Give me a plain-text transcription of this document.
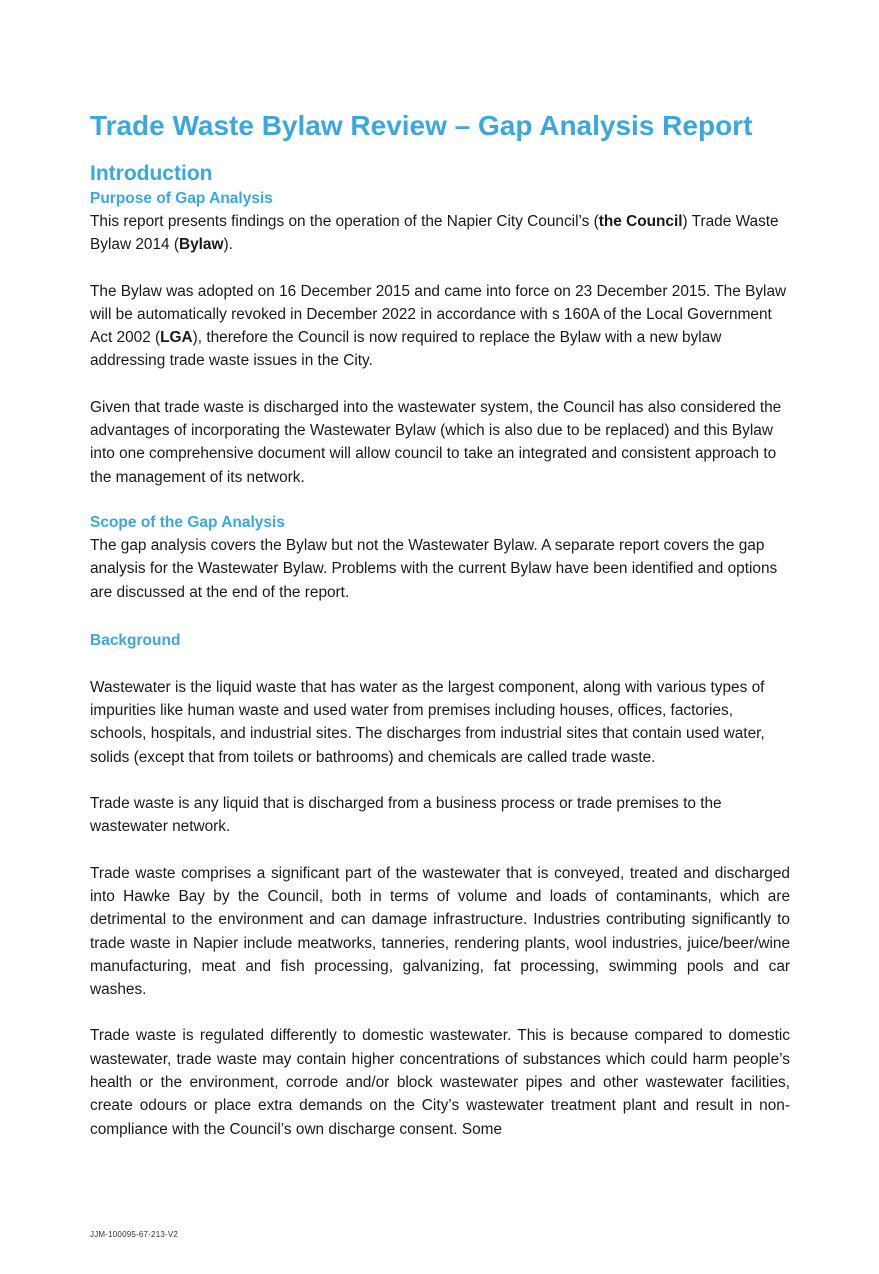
Trade Waste Bylaw Review – Gap Analysis Report
Introduction
Purpose of Gap Analysis

This report presents findings on the operation of the Napier City Council’s (the Council) Trade Waste Bylaw 2014 (Bylaw).

The Bylaw was adopted on 16 December 2015 and came into force on 23 December 2015. The Bylaw will be automatically revoked in December 2022 in accordance with s 160A of the Local Government Act 2002 (LGA), therefore the Council is now required to replace the Bylaw with a new bylaw addressing trade waste issues in the City.

Given that trade waste is discharged into the wastewater system, the Council has also considered the advantages of incorporating the Wastewater Bylaw (which is also due to be replaced) and this Bylaw into one comprehensive document will allow council to take an integrated and consistent approach to the management of its network.

Scope of the Gap Analysis

The gap analysis covers the Bylaw but not the Wastewater Bylaw. A separate report covers the gap analysis for the Wastewater Bylaw. Problems with the current Bylaw have been identified and options are discussed at the end of the report.

Background

Wastewater is the liquid waste that has water as the largest component, along with various types of impurities like human waste and used water from premises including houses, offices, factories, schools, hospitals, and industrial sites. The discharges from industrial sites that contain used water, solids (except that from toilets or bathrooms) and chemicals are called trade waste.

Trade waste is any liquid that is discharged from a business process or trade premises to the wastewater network.

Trade waste comprises a significant part of the wastewater that is conveyed, treated and discharged into Hawke Bay by the Council, both in terms of volume and loads of contaminants, which are detrimental to the environment and can damage infrastructure. Industries contributing significantly to trade waste in Napier include meatworks, tanneries, rendering plants, wool industries, juice/beer/wine manufacturing, meat and fish processing, galvanizing, fat processing, swimming pools and car washes.

Trade waste is regulated differently to domestic wastewater. This is because compared to domestic wastewater, trade waste may contain higher concentrations of substances which could harm people’s health or the environment, corrode and/or block wastewater pipes and other wastewater facilities, create odours or place extra demands on the City’s wastewater treatment plant and result in non-compliance with the Council’s own discharge consent. Some

JJM-100095-67-213-V2
